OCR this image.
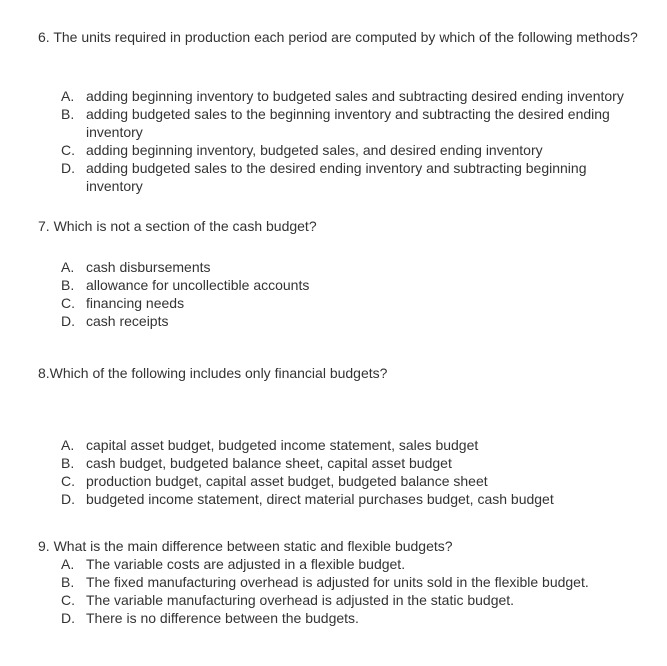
6. The units required in production each period are computed by which of the following methods?
A. adding beginning inventory to budgeted sales and subtracting desired ending inventory
B. adding budgeted sales to the beginning inventory and subtracting the desired ending inventory
C. adding beginning inventory, budgeted sales, and desired ending inventory
D. adding budgeted sales to the desired ending inventory and subtracting beginning inventory
7. Which is not a section of the cash budget?
A. cash disbursements
B. allowance for uncollectible accounts
C. financing needs
D. cash receipts
8.Which of the following includes only financial budgets?
A. capital asset budget, budgeted income statement, sales budget
B. cash budget, budgeted balance sheet, capital asset budget
C. production budget, capital asset budget, budgeted balance sheet
D. budgeted income statement, direct material purchases budget, cash budget
9. What is the main difference between static and flexible budgets?
A. The variable costs are adjusted in a flexible budget.
B. The fixed manufacturing overhead is adjusted for units sold in the flexible budget.
C. The variable manufacturing overhead is adjusted in the static budget.
D. There is no difference between the budgets.
